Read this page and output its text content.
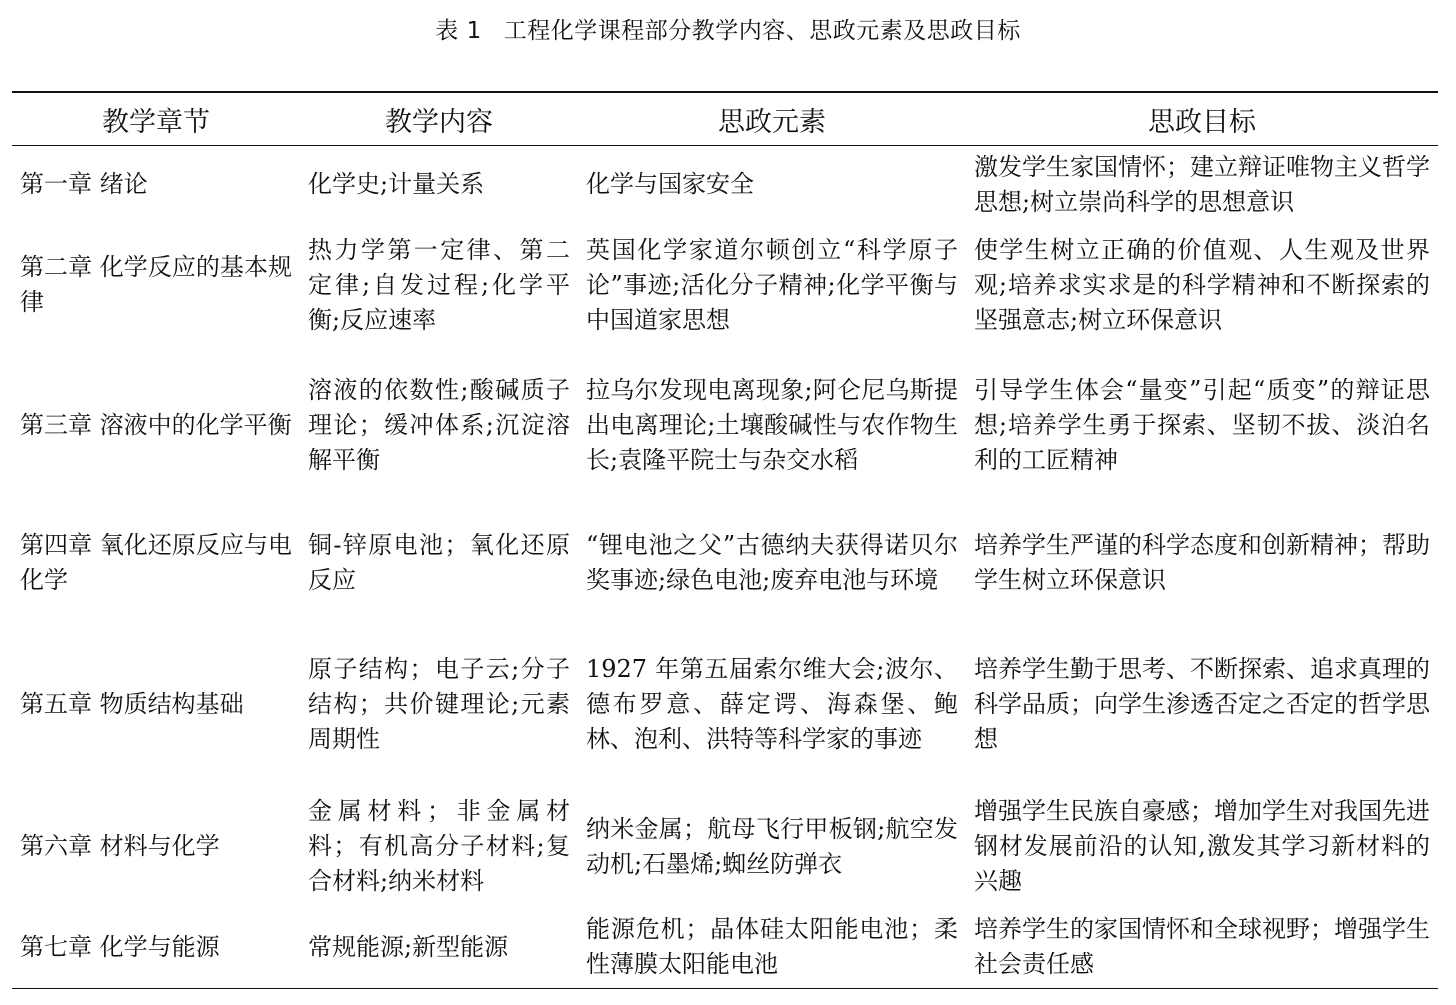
表 1 工程化学课程部分教学内容、思政元素及思政目标
教学章节	教学内容	思政元素	思政目标
第一章 绪论	化学史;计量关系	化学与国家安全	激发学生家国情怀；建立辩证唯物主义哲学思想;树立崇尚科学的思想意识
第二章 化学反应的基本规律	热力学第一定律、第二定律;自发过程;化学平衡;反应速率	英国化学家道尔顿创立“科学原子论”事迹;活化分子精神;化学平衡与中国道家思想	使学生树立正确的价值观、人生观及世界观;培养求实求是的科学精神和不断探索的坚强意志;树立环保意识
第三章 溶液中的化学平衡	溶液的依数性;酸碱质子理论；缓冲体系;沉淀溶解平衡	拉乌尔发现电离现象;阿仑尼乌斯提出电离理论;土壤酸碱性与农作物生长;袁隆平院士与杂交水稻	引导学生体会“量变”引起“质变”的辩证思想;培养学生勇于探索、坚韧不拔、淡泊名利的工匠精神
第四章 氧化还原反应与电化学	铜-锌原电池；氧化还原反应	“锂电池之父”古德纳夫获得诺贝尔奖事迹;绿色电池;废弃电池与环境	培养学生严谨的科学态度和创新精神；帮助学生树立环保意识
第五章 物质结构基础	原子结构；电子云;分子结构；共价键理论;元素周期性	1927 年第五届索尔维大会;波尔、德布罗意、薛定谔、海森堡、鲍林、泡利、洪特等科学家的事迹	培养学生勤于思考、不断探索、追求真理的科学品质；向学生渗透否定之否定的哲学思想
第六章 材料与化学	金属材料；非金属材料；有机高分子材料;复合材料;纳米材料	纳米金属；航母飞行甲板钢;航空发动机;石墨烯;蜘丝防弹衣	增强学生民族自豪感；增加学生对我国先进钢材发展前沿的认知,激发其学习新材料的兴趣
第七章 化学与能源	常规能源;新型能源	能源危机；晶体硅太阳能电池；柔性薄膜太阳能电池	培养学生的家国情怀和全球视野；增强学生社会责任感
